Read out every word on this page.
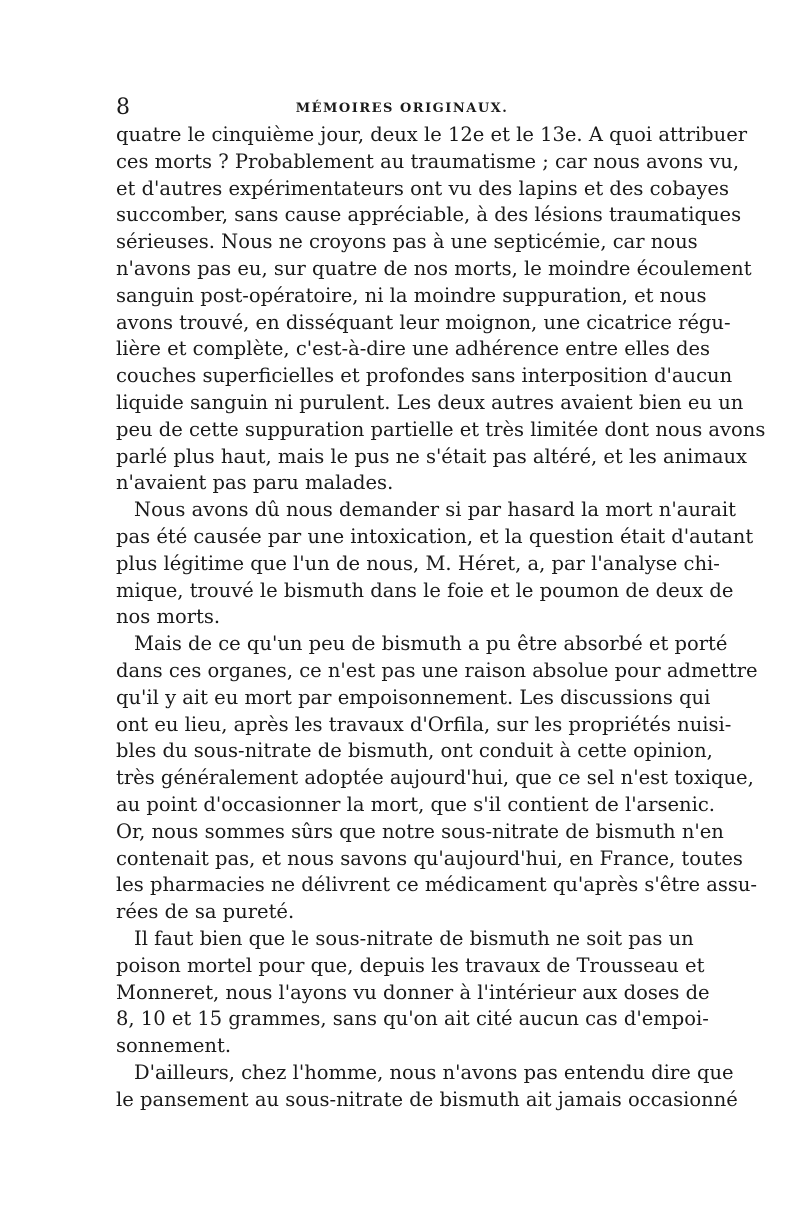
8	MÉMOIRES ORIGINAUX.
quatre le cinquième jour, deux le 12e et le 13e. A quoi attribuer
ces morts ? Probablement au traumatisme ; car nous avons vu,
et d'autres expérimentateurs ont vu des lapins et des cobayes
succomber, sans cause appréciable, à des lésions traumatiques
sérieuses. Nous ne croyons pas à une septicémie, car nous
n'avons pas eu, sur quatre de nos morts, le moindre écoulement
sanguin post-opératoire, ni la moindre suppuration, et nous
avons trouvé, en disséquant leur moignon, une cicatrice régu-
lière et complète, c'est-à-dire une adhérence entre elles des
couches superficielles et profondes sans interposition d'aucun
liquide sanguin ni purulent. Les deux autres avaient bien eu un
peu de cette suppuration partielle et très limitée dont nous avons
parlé plus haut, mais le pus ne s'était pas altéré, et les animaux
n'avaient pas paru malades.
Nous avons dû nous demander si par hasard la mort n'aurait
pas été causée par une intoxication, et la question était d'autant
plus légitime que l'un de nous, M. Héret, a, par l'analyse chi-
mique, trouvé le bismuth dans le foie et le poumon de deux de
nos morts.
Mais de ce qu'un peu de bismuth a pu être absorbé et porté
dans ces organes, ce n'est pas une raison absolue pour admettre
qu'il y ait eu mort par empoisonnement. Les discussions qui
ont eu lieu, après les travaux d'Orfila, sur les propriétés nuisi-
bles du sous-nitrate de bismuth, ont conduit à cette opinion,
très généralement adoptée aujourd'hui, que ce sel n'est toxique,
au point d'occasionner la mort, que s'il contient de l'arsenic.
Or, nous sommes sûrs que notre sous-nitrate de bismuth n'en
contenait pas, et nous savons qu'aujourd'hui, en France, toutes
les pharmacies ne délivrent ce médicament qu'après s'être assu-
rées de sa pureté.
Il faut bien que le sous-nitrate de bismuth ne soit pas un
poison mortel pour que, depuis les travaux de Trousseau et
Monneret, nous l'ayons vu donner à l'intérieur aux doses de
8, 10 et 15 grammes, sans qu'on ait cité aucun cas d'empoi-
sonnement.
D'ailleurs, chez l'homme, nous n'avons pas entendu dire que
le pansement au sous-nitrate de bismuth ait jamais occasionné
